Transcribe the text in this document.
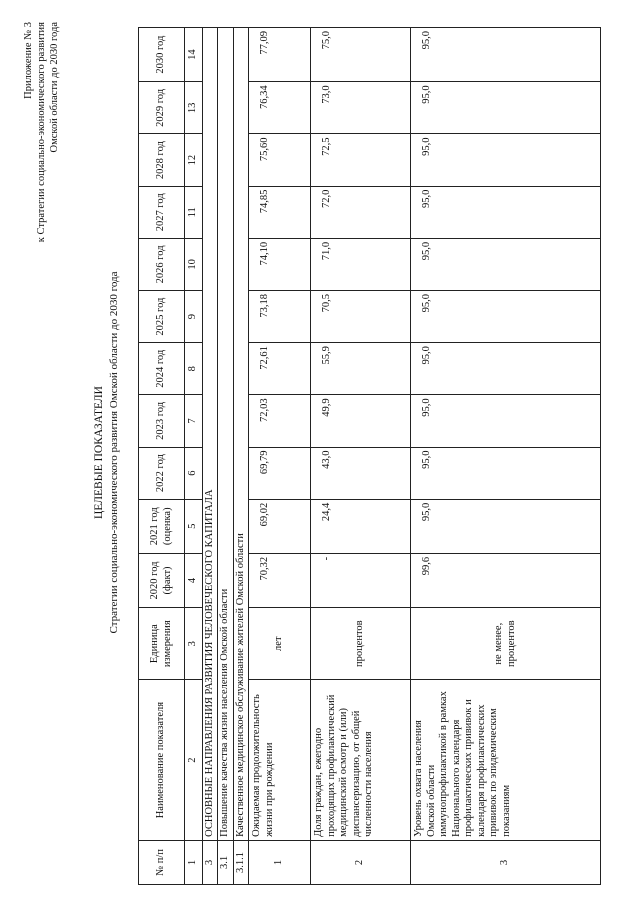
Приложение № 3 к Стратегии социально-экономического развития Омской области до 2030 года
ЦЕЛЕВЫЕ ПОКАЗАТЕЛИ Стратегии социально-экономического развития Омской области до 2030 года
№ п/п	Наименование показателя	Единица измерения	2020 год (факт)	2021 год (оценка)	2022 год	2023 год	2024 год	2025 год	2026 год	2027 год	2028 год	2029 год	2030 год
1	2	3	4	5	6	7	8	9	10	11	12	13	14
3	ОСНОВНЫЕ НАПРАВЛЕНИЯ РАЗВИТИЯ ЧЕЛОВЕЧЕСКОГО КАПИТАЛА												
3.1	Повышение качества жизни населения Омской области												
3.1.1	Качественное медицинское обслуживание жителей Омской области												
1	Ожидаемая продолжительность жизни при рождении	лет	70,32	69,02	69,79	72,03	72,61	73,18	74,10	74,85	75,60	76,34	77,09
2	Доля граждан, ежегодно проходящих профилактический медицинский осмотр и (или) диспансеризацию, от общей численности населения	процентов	-	24,4	43,0	49,9	55,9	70,5	71,0	72,0	72,5	73,0	75,0
3	Уровень охвата населения Омской области иммунопрофилактикой в рамках Национального календаря профилактических прививок и календаря профилактических прививок по эпидемическим показаниям	не менее, процентов	99,6	95,0	95,0	95,0	95,0	95,0	95,0	95,0	95,0	95,0	95,0
